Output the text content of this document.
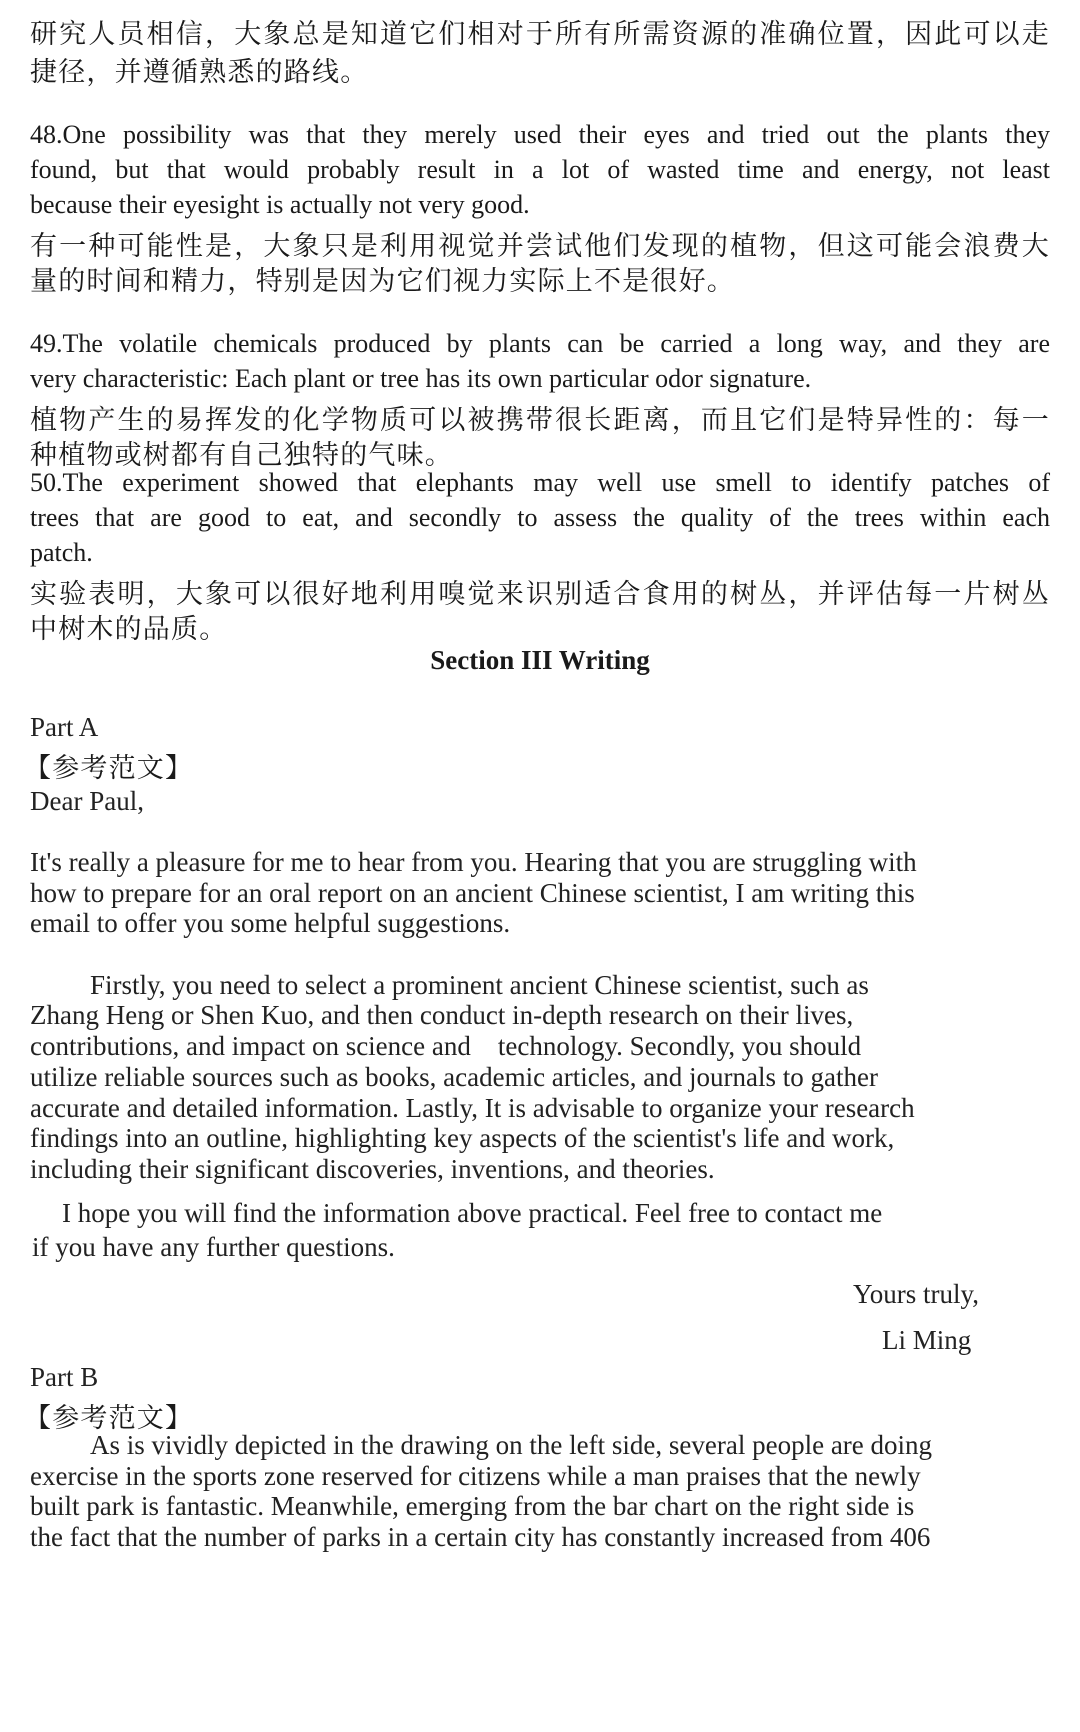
研究人员相信，大象总是知道它们相对于所有所需资源的准确位置，因此可以走
捷径，并遵循熟悉的路线。
48.One possibility was that they merely used their eyes and tried out the plants they
found, but that would probably result in a lot of wasted time and energy, not least
because their eyesight is actually not very good.
有一种可能性是，大象只是利用视觉并尝试他们发现的植物，但这可能会浪费大
量的时间和精力，特别是因为它们视力实际上不是很好。
49.The volatile chemicals produced by plants can be carried a long way, and they are
very characteristic: Each plant or tree has its own particular odor signature.
植物产生的易挥发的化学物质可以被携带很长距离，而且它们是特异性的：每一
种植物或树都有自己独特的气味。
50.The experiment showed that elephants may well use smell to identify patches of
trees that are good to eat, and secondly to assess the quality of the trees within each
patch.
实验表明，大象可以很好地利用嗅觉来识别适合食用的树丛，并评估每一片树丛
中树木的品质。
Section III Writing
Part A
【参考范文】
Dear Paul,
It's really a pleasure for me to hear from you. Hearing that you are struggling with
how to prepare for an oral report on an ancient Chinese scientist, I am writing this
email to offer you some helpful suggestions.
Firstly, you need to select a prominent ancient Chinese scientist, such as
Zhang Heng or Shen Kuo, and then conduct in-depth research on their lives,
contributions, and impact on science and    technology. Secondly, you should
utilize reliable sources such as books, academic articles, and journals to gather
accurate and detailed information. Lastly, It is advisable to organize your research
findings into an outline, highlighting key aspects of the scientist's life and work,
including their significant discoveries, inventions, and theories.
I hope you will find the information above practical. Feel free to contact me
if you have any further questions.
Yours truly,
Li Ming
Part B
【参考范文】
As is vividly depicted in the drawing on the left side, several people are doing
exercise in the sports zone reserved for citizens while a man praises that the newly
built park is fantastic. Meanwhile, emerging from the bar chart on the right side is
the fact that the number of parks in a certain city has constantly increased from 406
